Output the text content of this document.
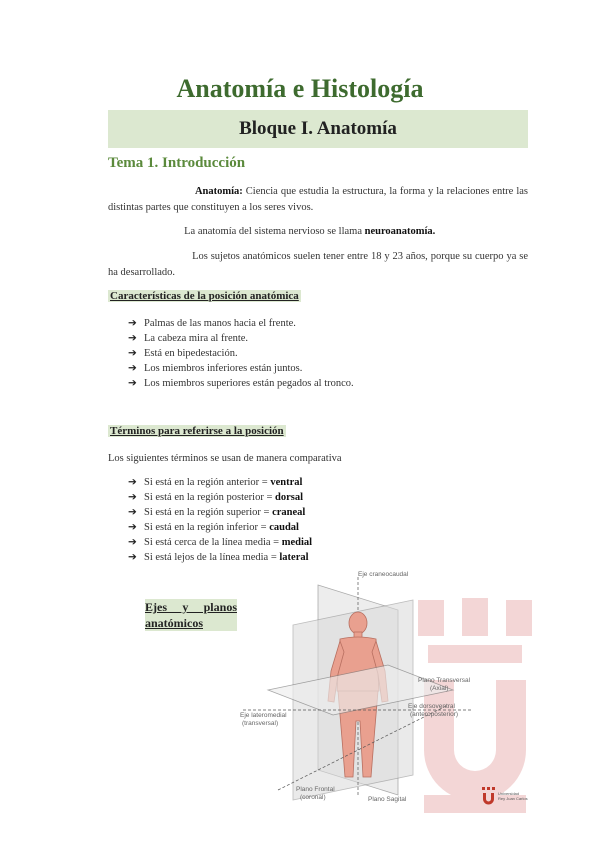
Anatomía e Histología
Bloque I. Anatomía
Tema 1. Introducción

Anatomía: Ciencia que estudia la estructura, la forma y la relaciones entre las distintas partes que constituyen a los seres vivos.

La anatomía del sistema nervioso se llama neuroanatomía.

Los sujetos anatómicos suelen tener entre 18 y 23 años, porque su cuerpo ya se ha desarrollado.

Características de la posición anatómica
➔ Palmas de las manos hacia el frente.
➔ La cabeza mira al frente.
➔ Está en bipedestación.
➔ Los miembros inferiores están juntos.
➔ Los miembros superiores están pegados al tronco.
Términos para referirse a la posición

Los siguientes términos se usan de manera comparativa

➔ Si está en la región anterior = ventral
➔ Si está en la región posterior = dorsal
➔ Si está en la región superior = craneal
➔ Si está en la región inferior = caudal
➔ Si está cerca de la línea media = medial
➔ Si está lejos de la línea media = lateral
Ejes y planos anatómicos
Eje craneocaudal
Plano Transversal
(Axial)
Eje dorsoventral
(anteroposterior)
Eje lateromedial
(transversal)
Plano Frontal
(coronal)	Plano Sagital
Universidad
Rey Juan Carlos
